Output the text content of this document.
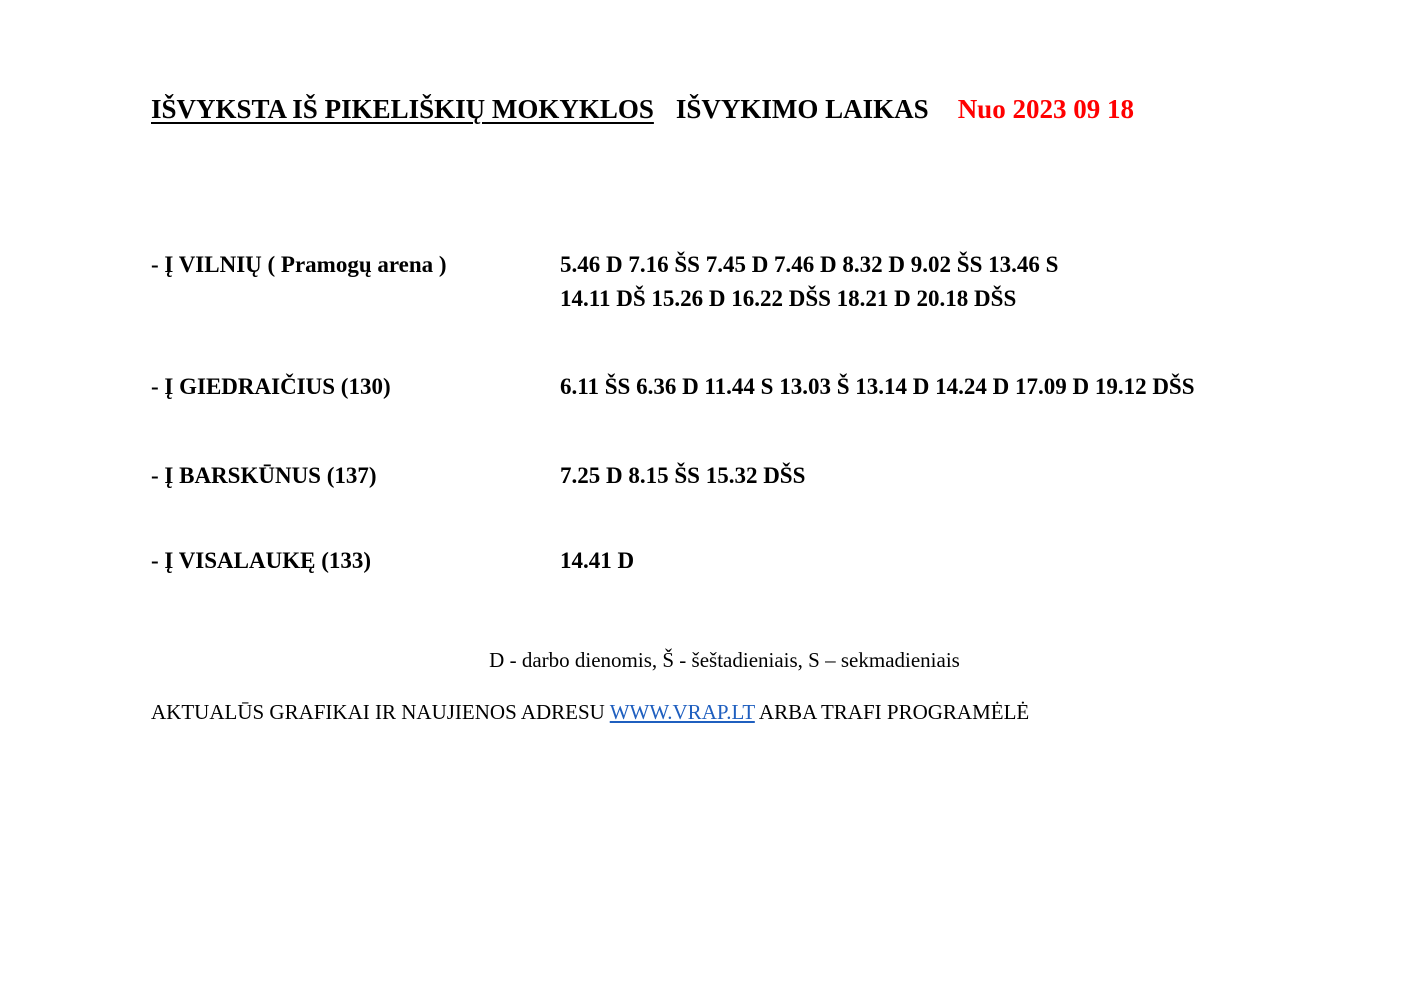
IŠVYKSTA IŠ PIKELIŠKIŲ MOKYKLOS IŠVYKIMO LAIKAS Nuo 2023 09 18
- Į VILNIŲ ( Pramogų arena )	5.46 D 7.16 ŠS 7.45 D 7.46 D 8.32 D 9.02 ŠS 13.46 S
14.11 DŠ 15.26 D 16.22 DŠS 18.21 D 20.18 DŠS
- Į GIEDRAIČIUS (130)	6.11 ŠS 6.36 D 11.44 S 13.03 Š 13.14 D 14.24 D 17.09 D 19.12 DŠS
- Į BARSKŪNUS (137)	7.25 D 8.15 ŠS 15.32 DŠS
- Į VISALAUKĘ (133)	14.41 D
D - darbo dienomis, Š - šeštadieniais, S – sekmadieniais
AKTUALŪS GRAFIKAI IR NAUJIENOS ADRESU WWW.VRAP.LT ARBA TRAFI PROGRAMĖLĖ
